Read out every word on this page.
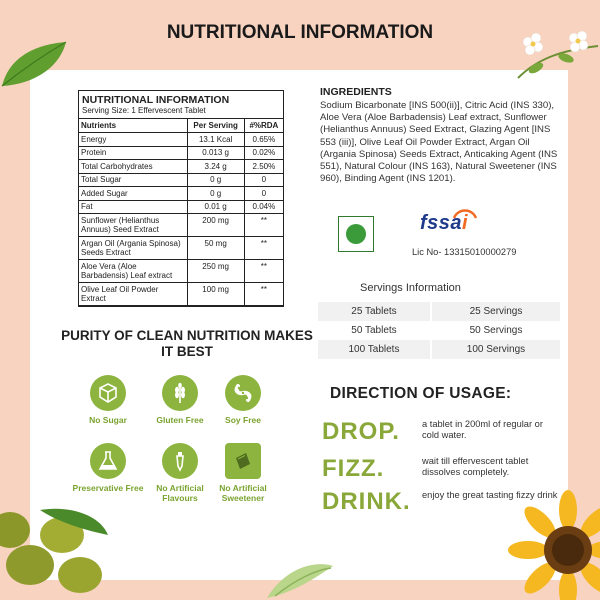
NUTRITIONAL INFORMATION
NUTRITIONAL INFORMATION
Serving Size: 1 Effervescent Tablet
Nutrients	Per Serving	#%RDA
Energy	13.1 Kcal	0.65%
Protein	0.013 g	0.02%
Total Carbohydrates	3.24 g	2.50%
Total Sugar	0 g	0
Added Sugar	0 g	0
Fat	0.01 g	0.04%
Sunflower (Helianthus Annuus) Seed Extract	200 mg	**
Argan Oil (Argania Spinosa) Seeds Extract	50 mg	**
Aloe Vera (Aloe Barbadensis) Leaf extract	250 mg	**
Olive Leaf Oil Powder Extract	100 mg	**
INGREDIENTS
Sodium Bicarbonate [INS 500(ii)], Citric Acid (INS 330), Aloe Vera (Aloe Barbadensis) Leaf extract, Sunflower (Helianthus Annuus) Seed Extract, Glazing Agent [INS 553 (iii)], Olive Leaf Oil Powder Extract, Argan Oil (Argania Spinosa) Seeds Extract, Anticaking Agent (INS 551), Natural Colour (INS 163), Natural Sweetener (INS 960), Binding Agent (INS 1201).
fssai
Lic No- 13315010000279
Servings Information
25 Tablets	25 Servings
50 Tablets	50 Servings
100 Tablets	100 Servings
PURITY OF CLEAN NUTRITION MAKES IT BEST
No Sugar	Gluten Free	Soy Free
Preservative Free	No Artificial Flavours
No Artificial Sweetener
DIRECTION OF USAGE:
DROP. a tablet in 200ml of regular or cold water.
FIZZ.	wait till effervescent tablet dissolves completely.
DRINK. enjoy the great tasting fizzy drink
